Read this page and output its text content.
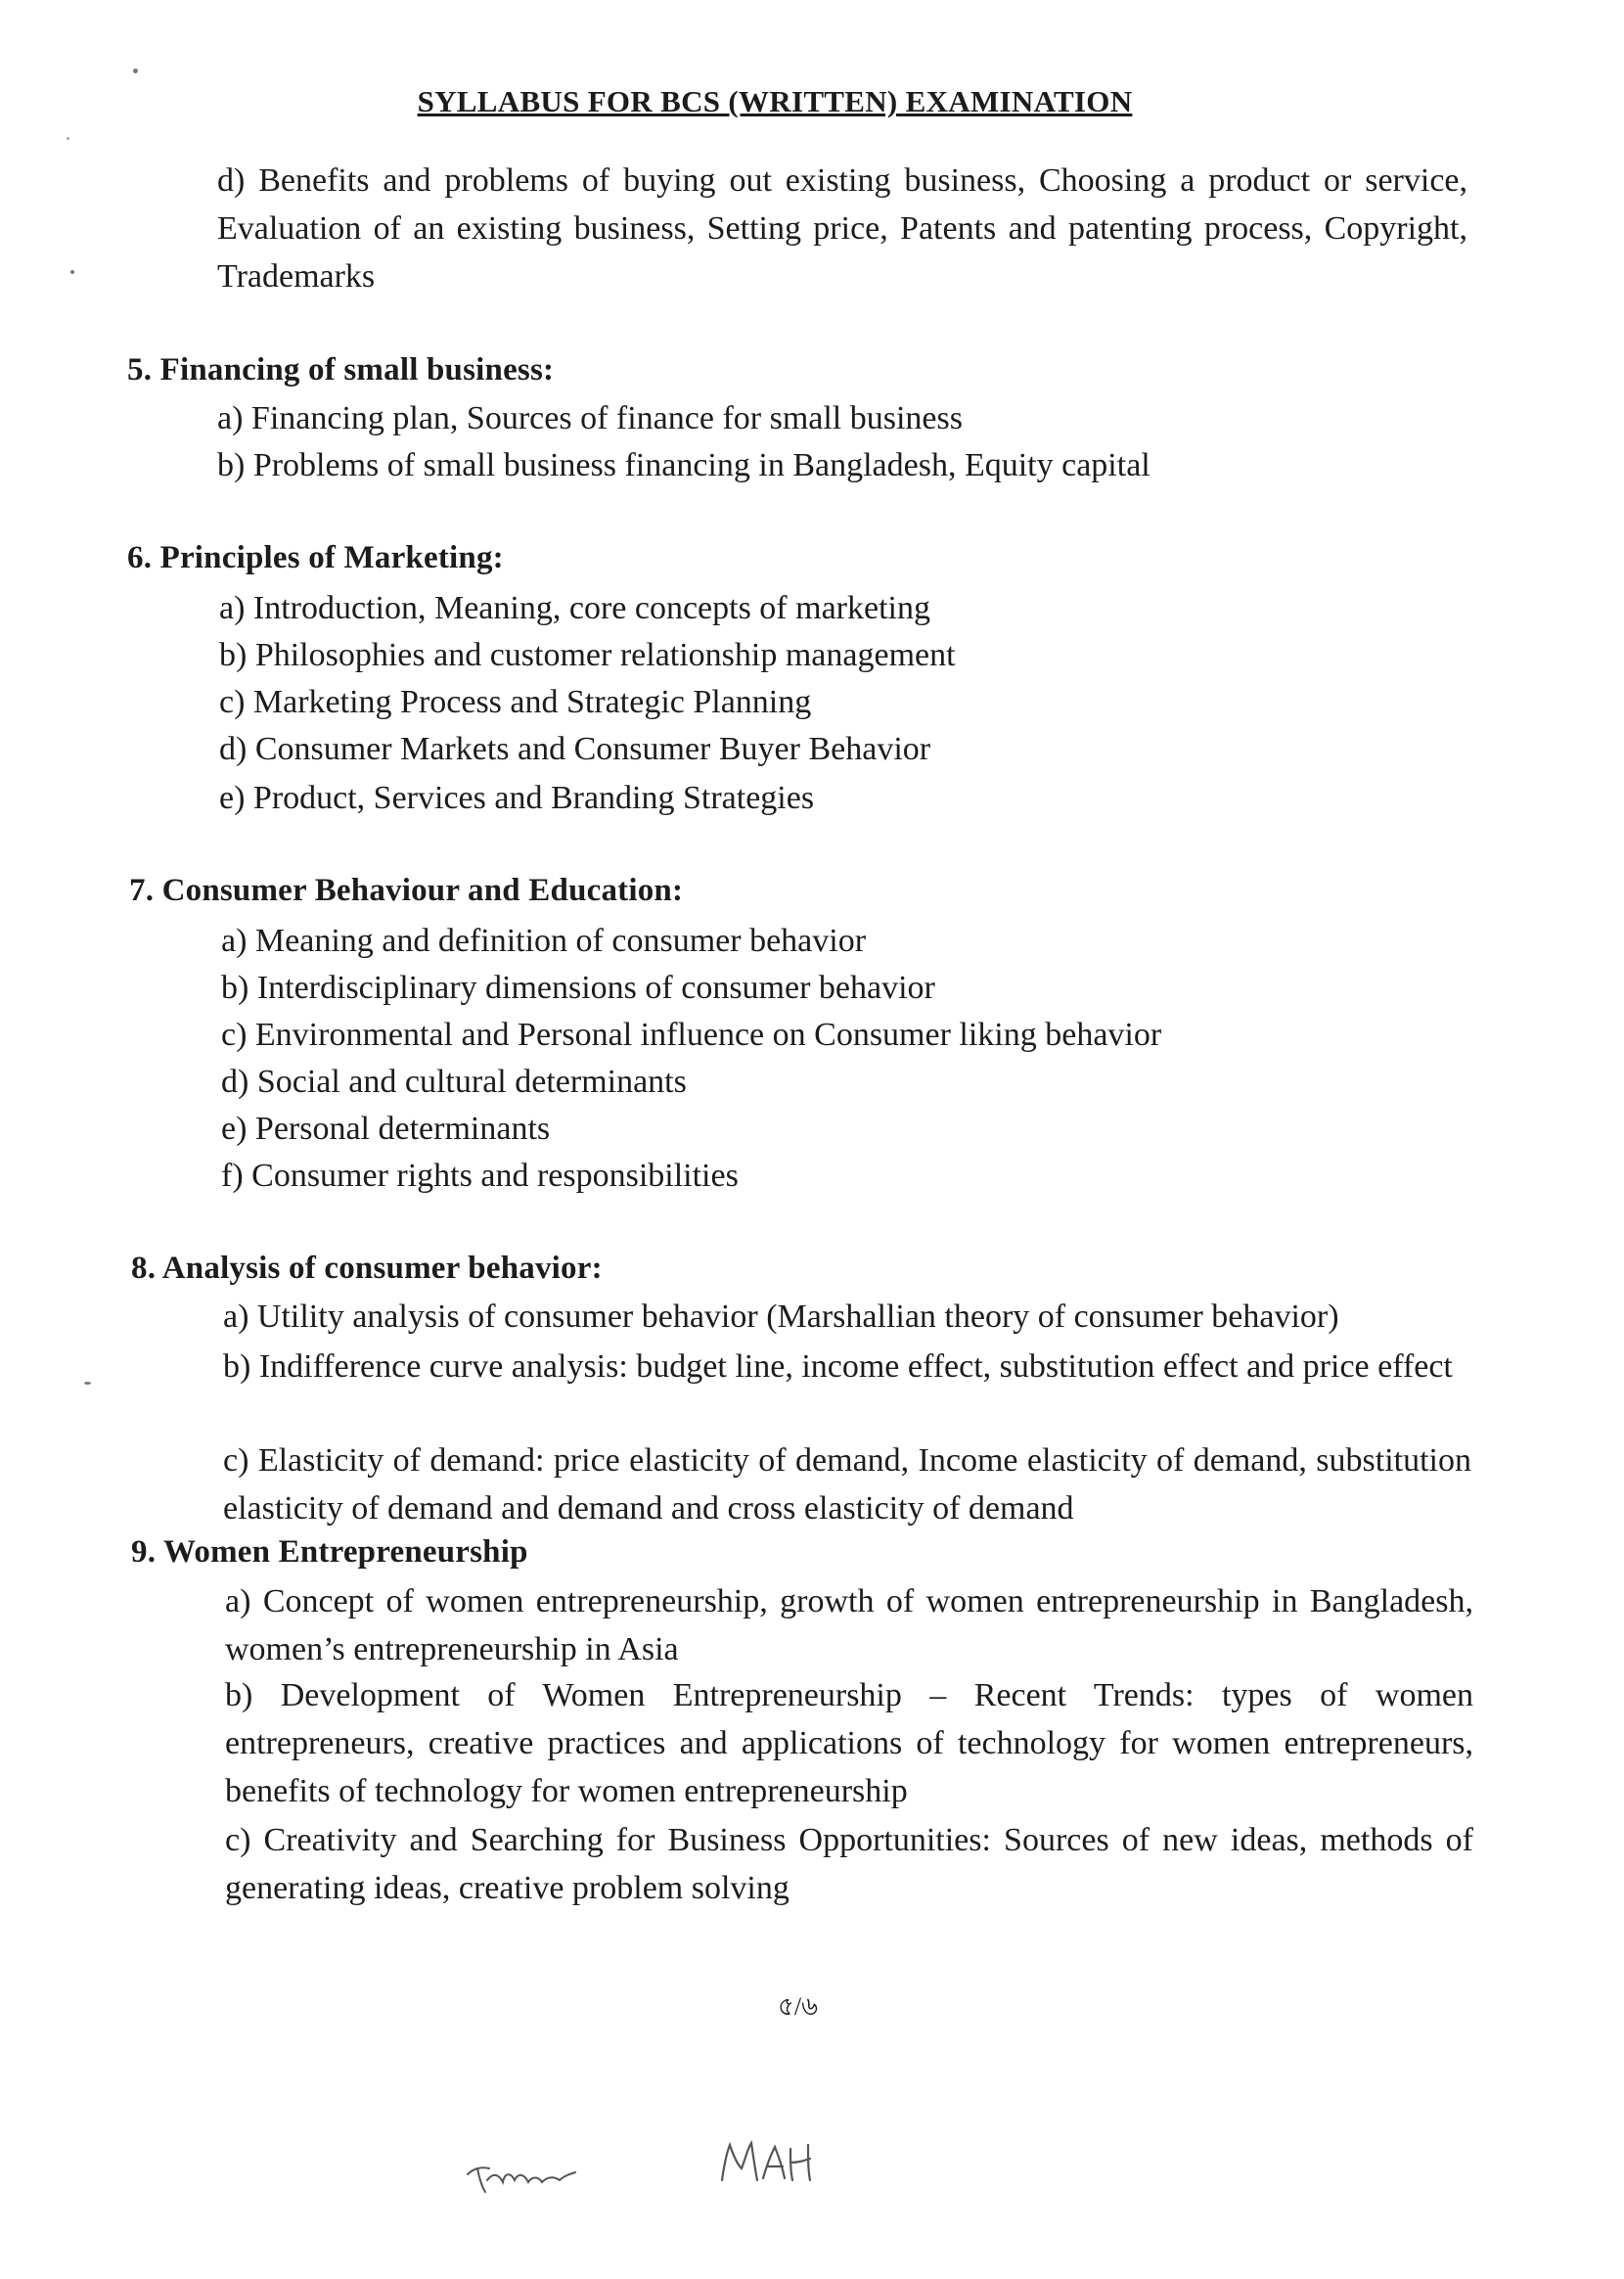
SYLLABUS FOR BCS (WRITTEN) EXAMINATION
d) Benefits and problems of buying out existing business, Choosing a product or service, Evaluation of an existing business, Setting price, Patents and patenting process, Copyright, Trademarks
5. Financing of small business:
a) Financing plan, Sources of finance for small business
b) Problems of small business financing in Bangladesh, Equity capital
6. Principles of Marketing:
a) Introduction, Meaning, core concepts of marketing
b) Philosophies and customer relationship management
c) Marketing Process and Strategic Planning
d) Consumer Markets and Consumer Buyer Behavior
e) Product, Services and Branding Strategies
7. Consumer Behaviour and Education:
a) Meaning and definition of consumer behavior
b) Interdisciplinary dimensions of consumer behavior
c) Environmental and Personal influence on Consumer liking behavior
d) Social and cultural determinants
e) Personal determinants
f) Consumer rights and responsibilities
8. Analysis of consumer behavior:
a) Utility analysis of consumer behavior (Marshallian theory of consumer behavior)
b) Indifference curve analysis: budget line, income effect, substitution effect and price effect
c) Elasticity of demand: price elasticity of demand, Income elasticity of demand, substitution elasticity of demand and demand and cross elasticity of demand
9. Women Entrepreneurship
a) Concept of women entrepreneurship, growth of women entrepreneurship in Bangladesh, women’s entrepreneurship in Asia
b) Development of Women Entrepreneurship – Recent Trends: types of women entrepreneurs, creative practices and applications of technology for women entrepreneurs, benefits of technology for women entrepreneurship
c) Creativity and Searching for Business Opportunities: Sources of new ideas, methods of generating ideas, creative problem solving
৫/৬
